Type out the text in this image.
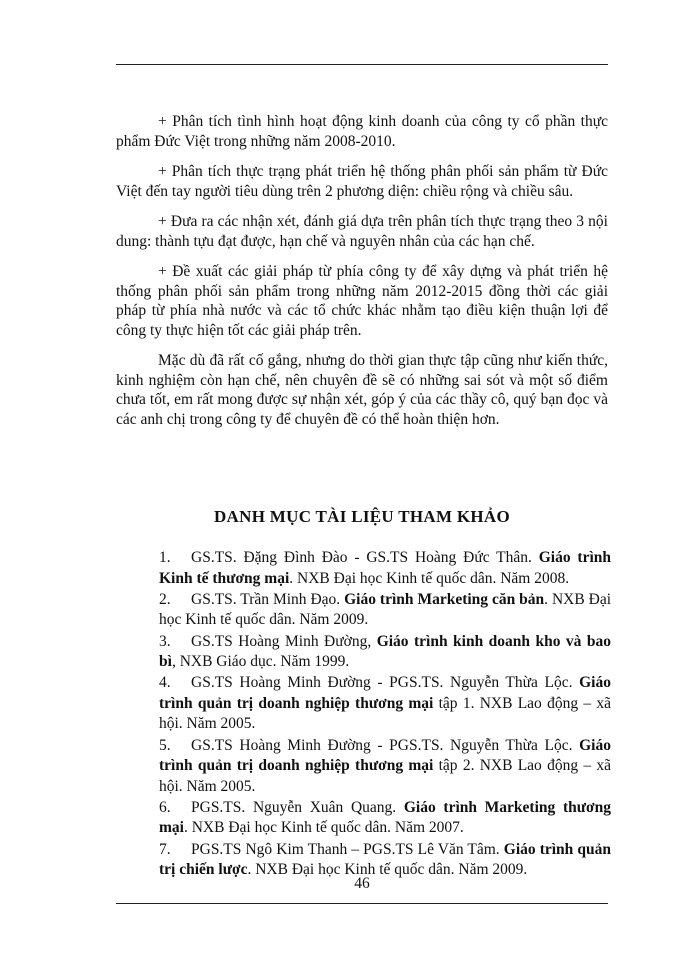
+ Phân tích tình hình hoạt động kinh doanh của công ty cổ phần thực phẩm Đức Việt trong những năm 2008-2010.

+ Phân tích thực trạng phát triển hệ thống phân phối sản phẩm từ Đức Việt đến tay người tiêu dùng trên 2 phương diện: chiều rộng và chiều sâu.

+ Đưa ra các nhận xét, đánh giá dựa trên phân tích thực trạng theo 3 nội dung: thành tựu đạt được, hạn chế và nguyên nhân của các hạn chế.

+ Đề xuất các giải pháp từ phía công ty để xây dựng và phát triển hệ thống phân phối sản phẩm trong những năm 2012-2015 đồng thời các giải pháp từ phía nhà nước và các tổ chức khác nhằm tạo điều kiện thuận lợi để công ty thực hiện tốt các giải pháp trên.

Mặc dù đã rất cố gắng, nhưng do thời gian thực tập cũng như kiến thức, kinh nghiệm còn hạn chế, nên chuyên đề sẽ có những sai sót và một số điểm chưa tốt, em rất mong được sự nhận xét, góp ý của các thầy cô, quý bạn đọc và các anh chị trong công ty để chuyên đề có thể hoàn thiện hơn.

DANH MỤC TÀI LIỆU THAM KHẢO
1. GS.TS. Đặng Đình Đào - GS.TS Hoàng Đức Thân. Giáo trình Kinh tế thương mại. NXB Đại học Kinh tế quốc dân. Năm 2008.
2. GS.TS. Trần Minh Đạo. Giáo trình Marketing căn bản. NXB Đại học Kinh tế quốc dân. Năm 2009.
3. GS.TS Hoàng Minh Đường, Giáo trình kinh doanh kho và bao bì, NXB Giáo dục. Năm 1999.
4. GS.TS Hoàng Minh Đường - PGS.TS. Nguyễn Thừa Lộc. Giáo trình quản trị doanh nghiệp thương mại tập 1. NXB Lao động – xã hội. Năm 2005.
5. GS.TS Hoàng Minh Đường - PGS.TS. Nguyễn Thừa Lộc. Giáo trình quản trị doanh nghiệp thương mại tập 2. NXB Lao động – xã hội. Năm 2005.
6. PGS.TS. Nguyễn Xuân Quang. Giáo trình Marketing thương mại. NXB Đại học Kinh tế quốc dân. Năm 2007.
7. PGS.TS Ngô Kim Thanh – PGS.TS Lê Văn Tâm. Giáo trình quản trị chiến lược. NXB Đại học Kinh tế quốc dân. Năm 2009.
46
